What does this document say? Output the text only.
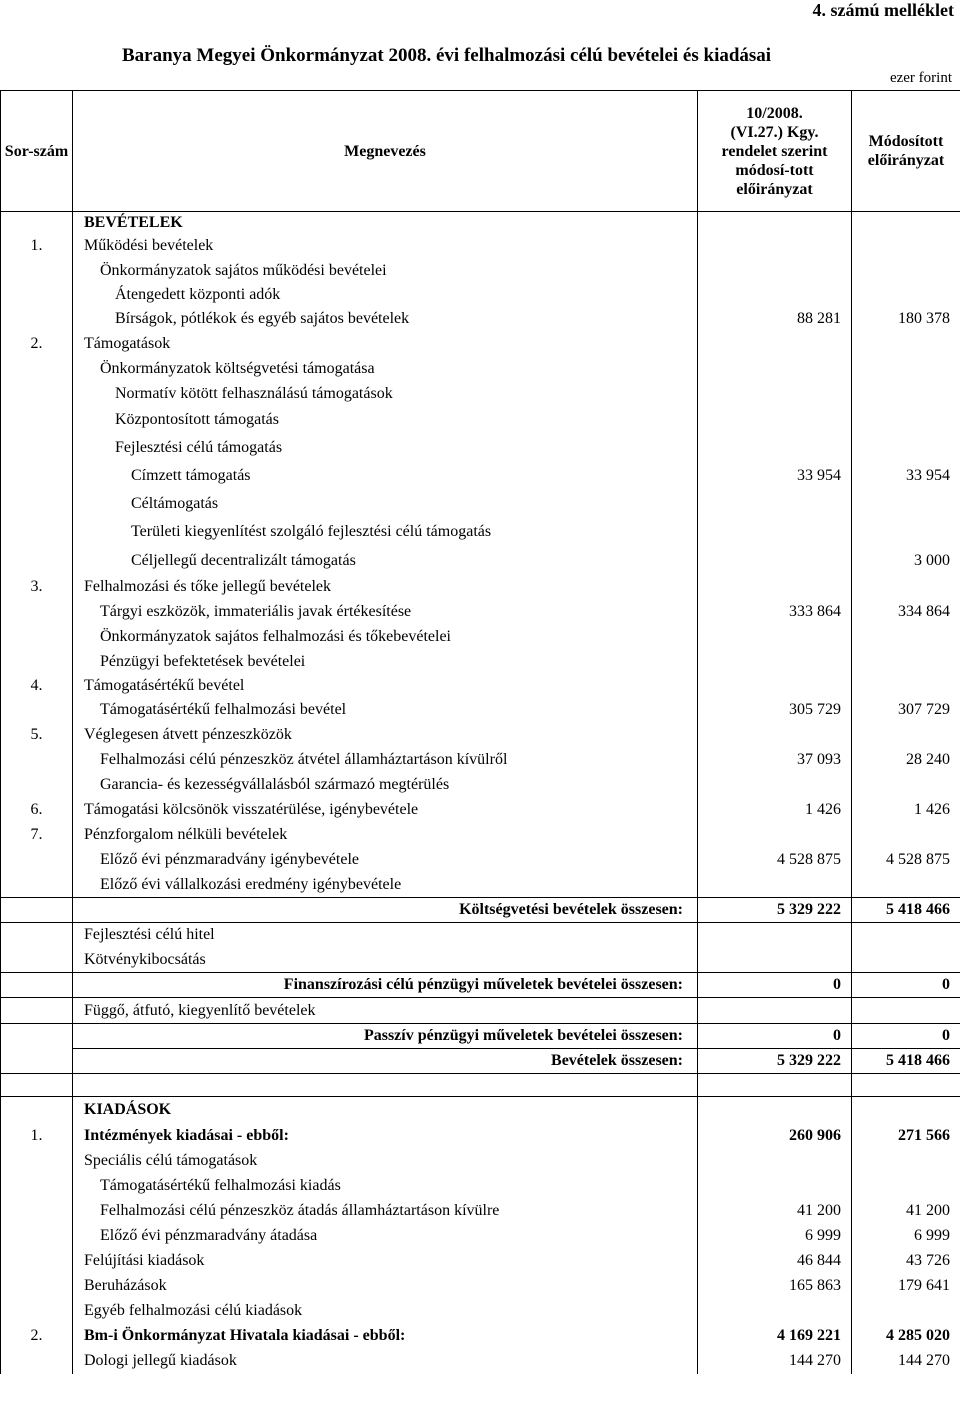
4. számú melléklet
Baranya Megyei Önkormányzat 2008. évi felhalmozási célú bevételei és kiadásai
ezer forint
Sor-szám	Megnevezés	10/2008. (VI.27.) Kgy. rendelet szerint módosí-tott előirányzat	Módosított előirányzat
	BEVÉTELEK		
1.	Működési bevételek		
	Önkormányzatok sajátos működési bevételei		
	Átengedett központi adók		
	Bírságok, pótlékok és egyéb sajátos bevételek	88 281	180 378
2.	Támogatások		
	Önkormányzatok költségvetési támogatása		
	Normatív kötött felhasználású támogatások		
	Központosított támogatás		
	Fejlesztési célú támogatás		
	Címzett támogatás	33 954	33 954
	Céltámogatás		
	Területi kiegyenlítést szolgáló fejlesztési célú támogatás		
	Céljellegű decentralizált támogatás		3 000
3.	Felhalmozási és tőke jellegű bevételek		
	Tárgyi eszközök, immateriális javak értékesítése	333 864	334 864
	Önkormányzatok sajátos felhalmozási és tőkebevételei		
	Pénzügyi befektetések bevételei		
4.	Támogatásértékű bevétel		
	Támogatásértékű felhalmozási bevétel	305 729	307 729
5.	Véglegesen átvett pénzeszközök		
	Felhalmozási célú pénzeszköz átvétel államháztartáson kívülről	37 093	28 240
	Garancia- és kezességvállalásból származó megtérülés		
6.	Támogatási kölcsönök visszatérülése, igénybevétele	1 426	1 426
7.	Pénzforgalom nélküli bevételek		
	Előző évi pénzmaradvány igénybevétele	4 528 875	4 528 875
	Előző évi vállalkozási eredmény igénybevétele		
	Költségvetési bevételek összesen:	5 329 222	5 418 466
	Fejlesztési célú hitel		
	Kötvénykibocsátás		
	Finanszírozási célú pénzügyi műveletek bevételei összesen:	0	0
	Függő, átfutó, kiegyenlítő bevételek		
	Passzív pénzügyi műveletek bevételei összesen:	0	0
	Bevételek összesen:	5 329 222	5 418 466

	KIADÁSOK		
1.	Intézmények kiadásai - ebből:	260 906	271 566
	Speciális célú támogatások		
	Támogatásértékű felhalmozási kiadás		
	Felhalmozási célú pénzeszköz átadás államháztartáson kívülre	41 200	41 200
	Előző évi pénzmaradvány átadása	6 999	6 999
	Felújítási kiadások	46 844	43 726
	Beruházások	165 863	179 641
	Egyéb felhalmozási célú kiadások		
2.	Bm-i Önkormányzat Hivatala kiadásai - ebből:	4 169 221	4 285 020
	Dologi jellegű kiadások	144 270	144 270
